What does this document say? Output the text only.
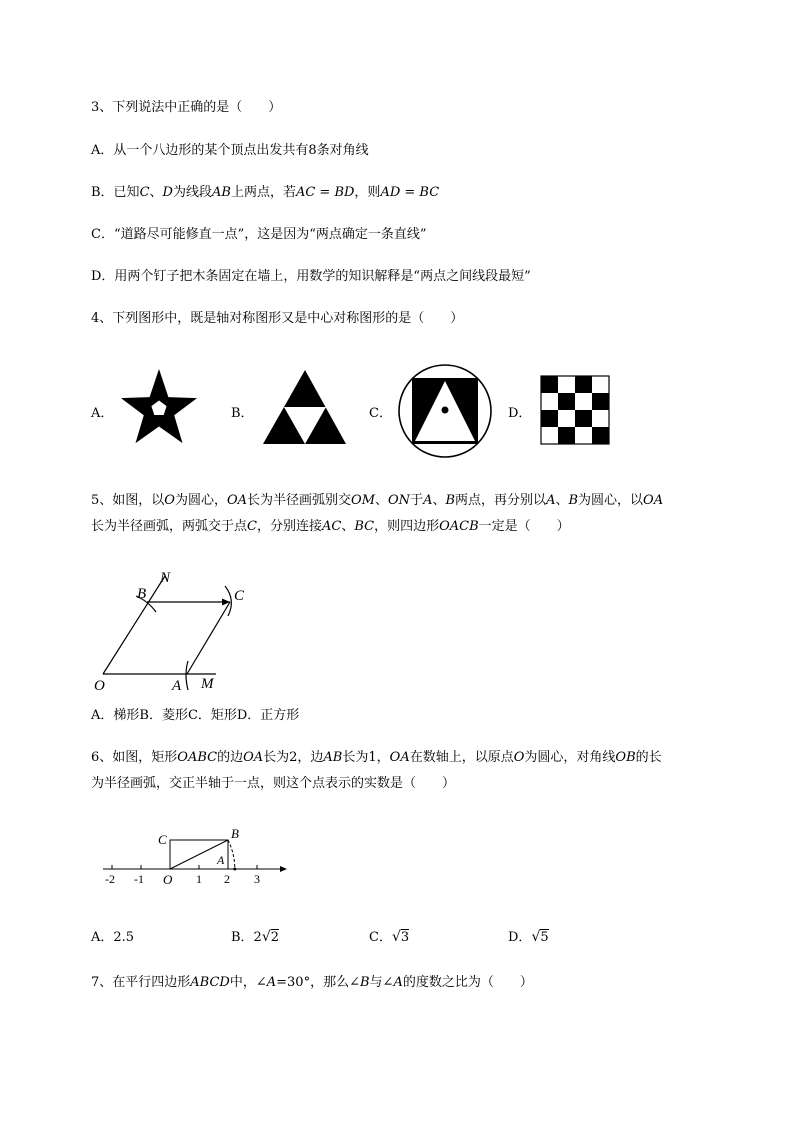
3、下列说法中正确的是（　　）
A．从一个八边形的某个顶点出发共有8条对角线
B．已知C、D为线段AB上两点，若AC = BD，则AD = BC
C．“道路尽可能修直一点”，这是因为“两点确定一条直线”
D．用两个钉子把木条固定在墙上，用数学的知识解释是“两点之间线段最短”
4、下列图形中，既是轴对称图形又是中心对称图形的是（　　）
A．	B．	C．	D．
5、如图，以O为圆心，OA长为半径画弧别交OM、ON于A、B两点，再分别以A、B为圆心，以OA
长为半径画弧，两弧交于点C，分别连接AC、BC，则四边形OACB一定是（　　）
N
B	C
O	A M
A．梯形B．菱形C．矩形D．正方形
6、如图，矩形OABC的边OA长为2，边AB长为1，OA在数轴上，以原点O为圆心，对角线OB的长
为半径画弧，交正半轴于一点，则这个点表示的实数是（　　）
-2 -1 O 1 2 3
C	B
A
A．2.5	B．2√2	C．√3	D．√5
7、在平行四边形ABCD中，∠A=30°，那么∠B与∠A的度数之比为（　　）
